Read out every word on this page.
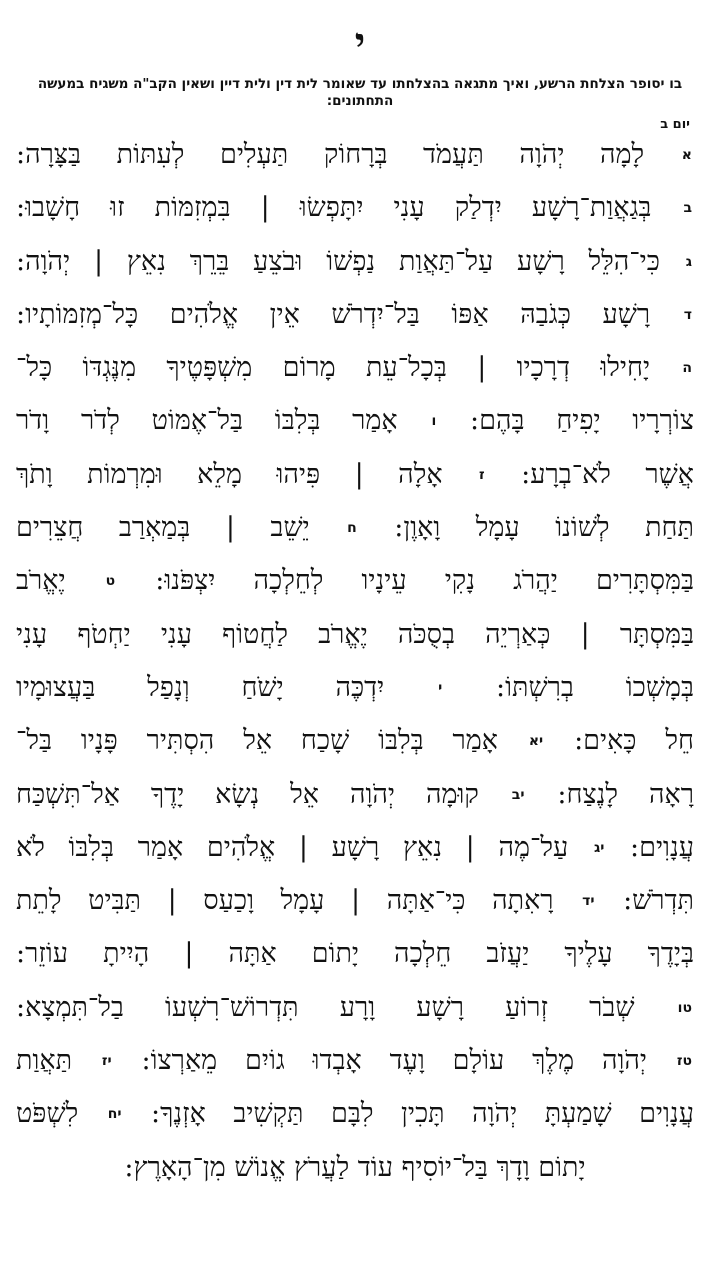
י
בו יסופר הצלחת הרשע, ואיך מתגאה בהצלחתו עד שאומר לית דין ולית דיין ושאין הקב"ה משגיח במעשה התחתונים:
יום ב
א לָמָה יְהֹוָה תַּעֲמֹד בְּרָחוֹק תַּעְלִים לְעִתּוֹת בַּצָּרָה:
ב בְּגַאֲוַת־רָשָׁע יִדְלַק עָנִי יִתָּפְשׂוּ | בִּמְזִמּוֹת זוּ חָשָׁבוּ:
ג כִּי־הִלֵּל רָשָׁע עַל־תַּאֲוַת נַפְשׁוֹ וּבֹצֵעַ בֵּרֵךְ נִאֵץ | יְהֹוָה:
ד רָשָׁע כְּגֹבַהּ אַפּוֹ בַּל־יִדְרֹשׁ אֵין אֱלֹהִים כָּל־מְזִמּוֹתָיו:
ה יָחִילוּ דְרָכָיו | בְּכָל־עֵת מָרוֹם מִשְׁפָּטֶיךָ מִנֶּגְדּוֹ כָּל־
צוֹרְרָיו יָפִיחַ בָּהֶם: ו אָמַר בְּלִבּוֹ בַּל־אֶמּוֹט לְדֹר וָדֹר
אֲשֶׁר לֹא־בְרָע: ז אָלָה | פִּיהוּ מָלֵא וּמִרְמוֹת וָתֹךְ
תַּחַת לְשׁוֹנוֹ עָמָל וָאָוֶן: ח יֵשֵׁב | בְּמַאְרַב חֲצֵרִים
בַּמִּסְתָּרִים יַהֲרֹג נָקִי עֵינָיו לְחֵלְכָה יִצְפֹּנוּ: ט יֶאֱרֹב
בַּמִּסְתָּר | כְּאַרְיֵה בְסֻכֹּה יֶאֱרֹב לַחֲטוֹף עָנִי יַחְטֹף עָנִי
בְּמָשְׁכוֹ בְרִשְׁתּוֹ: י יִדְכֶּה יָשֹׁחַ וְנָפַל בַּעֲצוּמָיו
חֵל כָּאִים: יא אָמַר בְּלִבּוֹ שָׁכַח אֵל הִסְתִּיר פָּנָיו בַּל־
רָאָה לָנֶצַח: יב קוּמָה יְהֹוָה אֵל נְשָׂא יָדֶךָ אַל־תִּשְׁכַּח
עֲנָוִים: יג עַל־מֶה | נִאֵץ רָשָׁע | אֱלֹהִים אָמַר בְּלִבּוֹ לֹא
תִּדְרֹשׁ: יד רָאִתָה כִּי־אַתָּה | עָמָל וָכַעַס | תַּבִּיט לָתֵת
בְּיָדֶךָ עָלֶיךָ יַעֲזֹב חֵלְכָה יָתוֹם אַתָּה | הָיִיתָ עוֹזֵר:
טו שְׁבֹר זְרוֹעַ רָשָׁע וָרָע תִּדְרוֹשׁ־רִשְׁעוֹ בַל־תִּמְצָא:
טז יְהֹוָה מֶלֶךְ עוֹלָם וָעֶד אָבְדוּ גוֹיִם מֵאַרְצוֹ: יז תַּאֲוַת
עֲנָוִים שָׁמַעְתָּ יְהֹוָה תָּכִין לִבָּם תַּקְשִׁיב אָזְנֶךָ: יח לִשְׁפֹּט
יָתוֹם וָדָךְ בַּל־יוֹסִיף עוֹד לַעֲרֹץ אֱנוֹשׁ מִן־הָאָרֶץ:
